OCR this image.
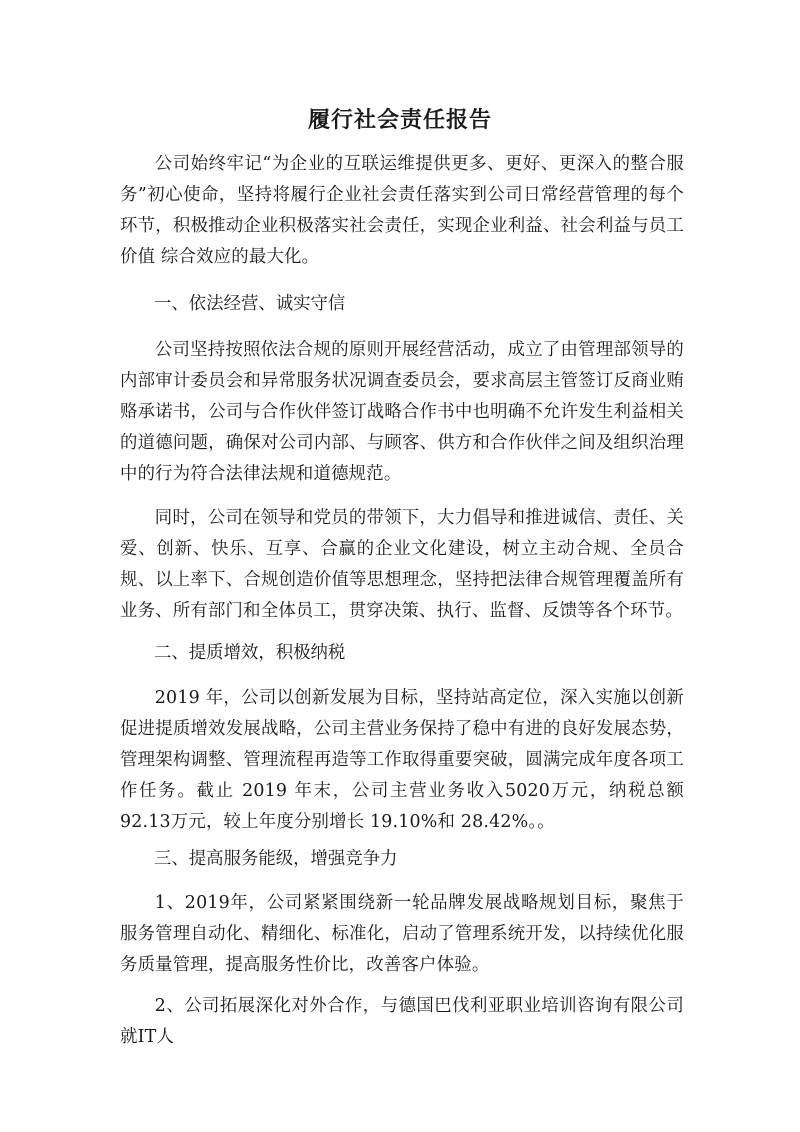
履行社会责任报告
公司始终牢记“为企业的互联运维提供更多、更好、更深入的整合服务”初心使命，坚持将履行企业社会责任落实到公司日常经营管理的每个环节，积极推动企业积极落实社会责任，实现企业利益、社会利益与员工价值 综合效应的最大化。
一、依法经营、诚实守信
公司坚持按照依法合规的原则开展经营活动，成立了由管理部领导的内部审计委员会和异常服务状况调查委员会，要求高层主管签订反商业贿赂承诺书，公司与合作伙伴签订战略合作书中也明确不允许发生利益相关的道德问题，确保对公司内部、与顾客、供方和合作伙伴之间及组织治理中的行为符合法律法规和道德规范。
同时，公司在领导和党员的带领下，大力倡导和推进诚信、责任、关爱、创新、快乐、互享、合赢的企业文化建设，树立主动合规、全员合规、以上率下、合规创造价值等思想理念，坚持把法律合规管理覆盖所有业务、所有部门和全体员工，贯穿决策、执行、监督、反馈等各个环节。
二、提质增效，积极纳税
2019 年，公司以创新发展为目标，坚持站高定位，深入实施以创新促进提质增效发展战略，公司主营业务保持了稳中有进的良好发展态势，管理架构调整、管理流程再造等工作取得重要突破，圆满完成年度各项工作任务。截止 2019 年末，公司主营业务收入5020万元，纳税总额92.13万元，较上年度分别增长 19.10%和 28.42%。。
三、提高服务能级，增强竞争力
1、2019年，公司紧紧围绕新一轮品牌发展战略规划目标，聚焦于服务管理自动化、精细化、标准化，启动了管理系统开发，以持续优化服务质量管理，提高服务性价比，改善客户体验。
2、公司拓展深化对外合作，与德国巴伐利亚职业培训咨询有限公司就IT人
